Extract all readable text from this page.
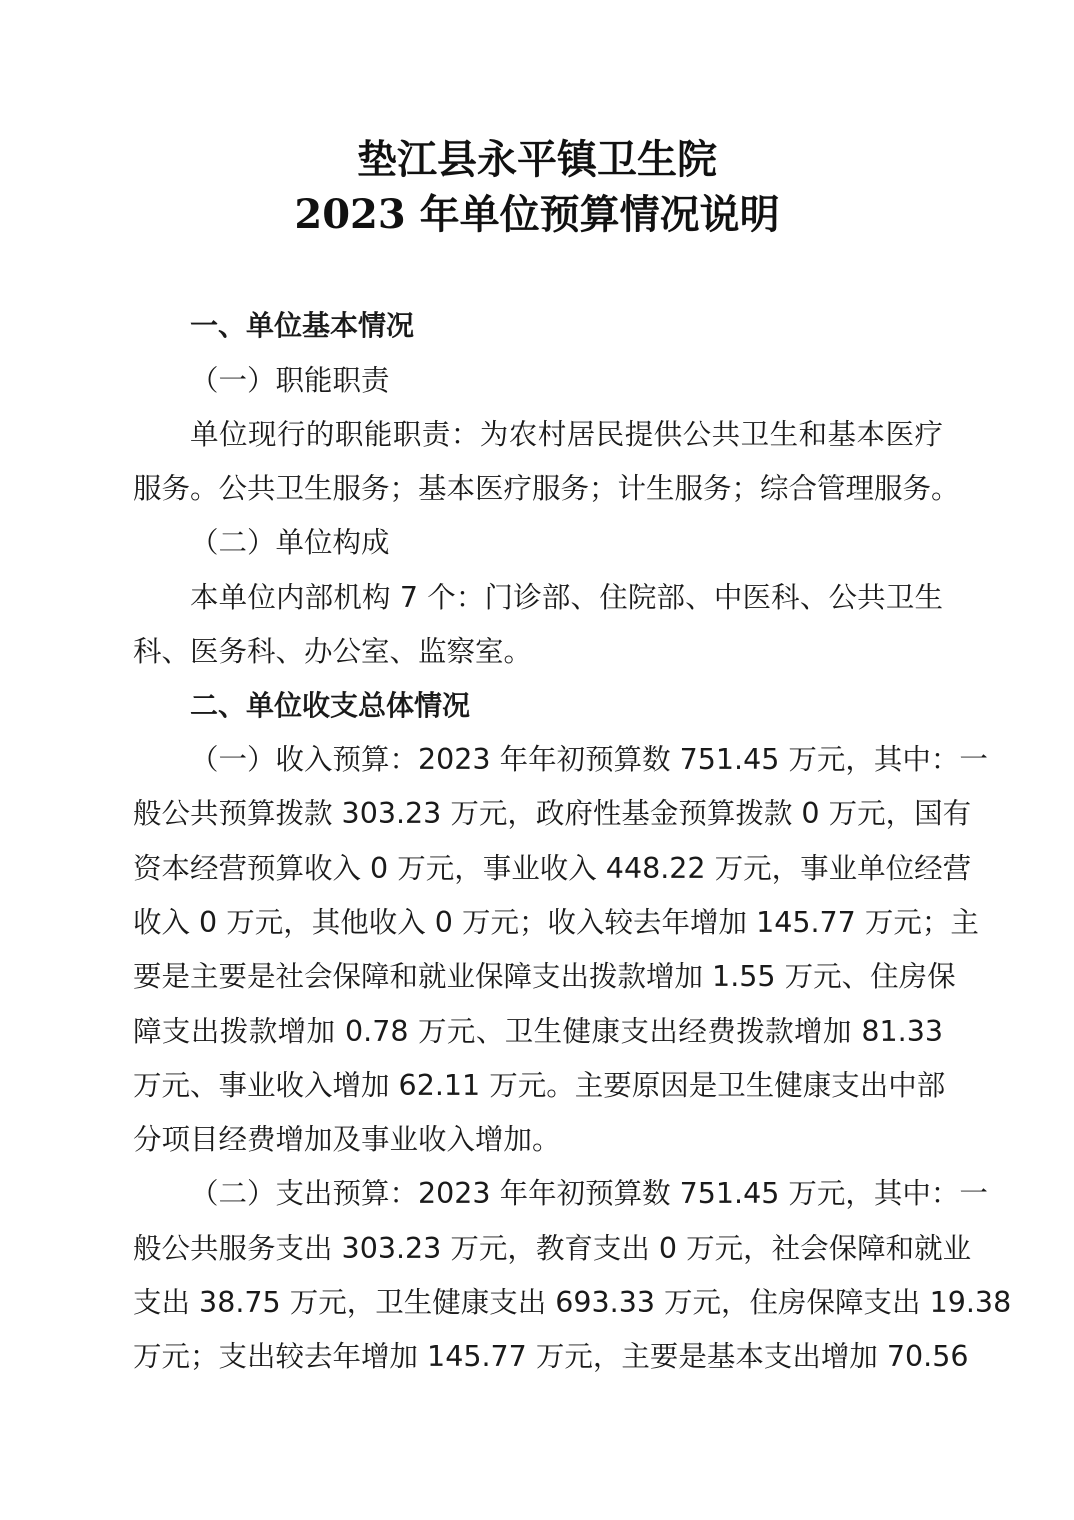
垫江县永平镇卫生院
2023 年单位预算情况说明
一、单位基本情况
（一）职能职责
单位现行的职能职责：为农村居民提供公共卫生和基本医疗
服务。公共卫生服务；基本医疗服务；计生服务；综合管理服务。
（二）单位构成
本单位内部机构 7 个：门诊部、住院部、中医科、公共卫生
科、医务科、办公室、监察室。
二、单位收支总体情况
（一）收入预算：2023 年年初预算数 751.45 万元，其中：一
般公共预算拨款 303.23 万元，政府性基金预算拨款 0 万元，国有
资本经营预算收入 0 万元，事业收入 448.22 万元，事业单位经营
收入 0 万元，其他收入 0 万元；收入较去年增加 145.77 万元；主
要是主要是社会保障和就业保障支出拨款增加 1.55 万元、住房保
障支出拨款增加 0.78 万元、卫生健康支出经费拨款增加 81.33
万元、事业收入增加 62.11 万元。主要原因是卫生健康支出中部
分项目经费增加及事业收入增加。
（二）支出预算：2023 年年初预算数 751.45 万元，其中：一
般公共服务支出 303.23 万元，教育支出 0 万元，社会保障和就业
支出 38.75 万元，卫生健康支出 693.33 万元，住房保障支出 19.38
万元；支出较去年增加 145.77 万元，主要是基本支出增加 70.56
